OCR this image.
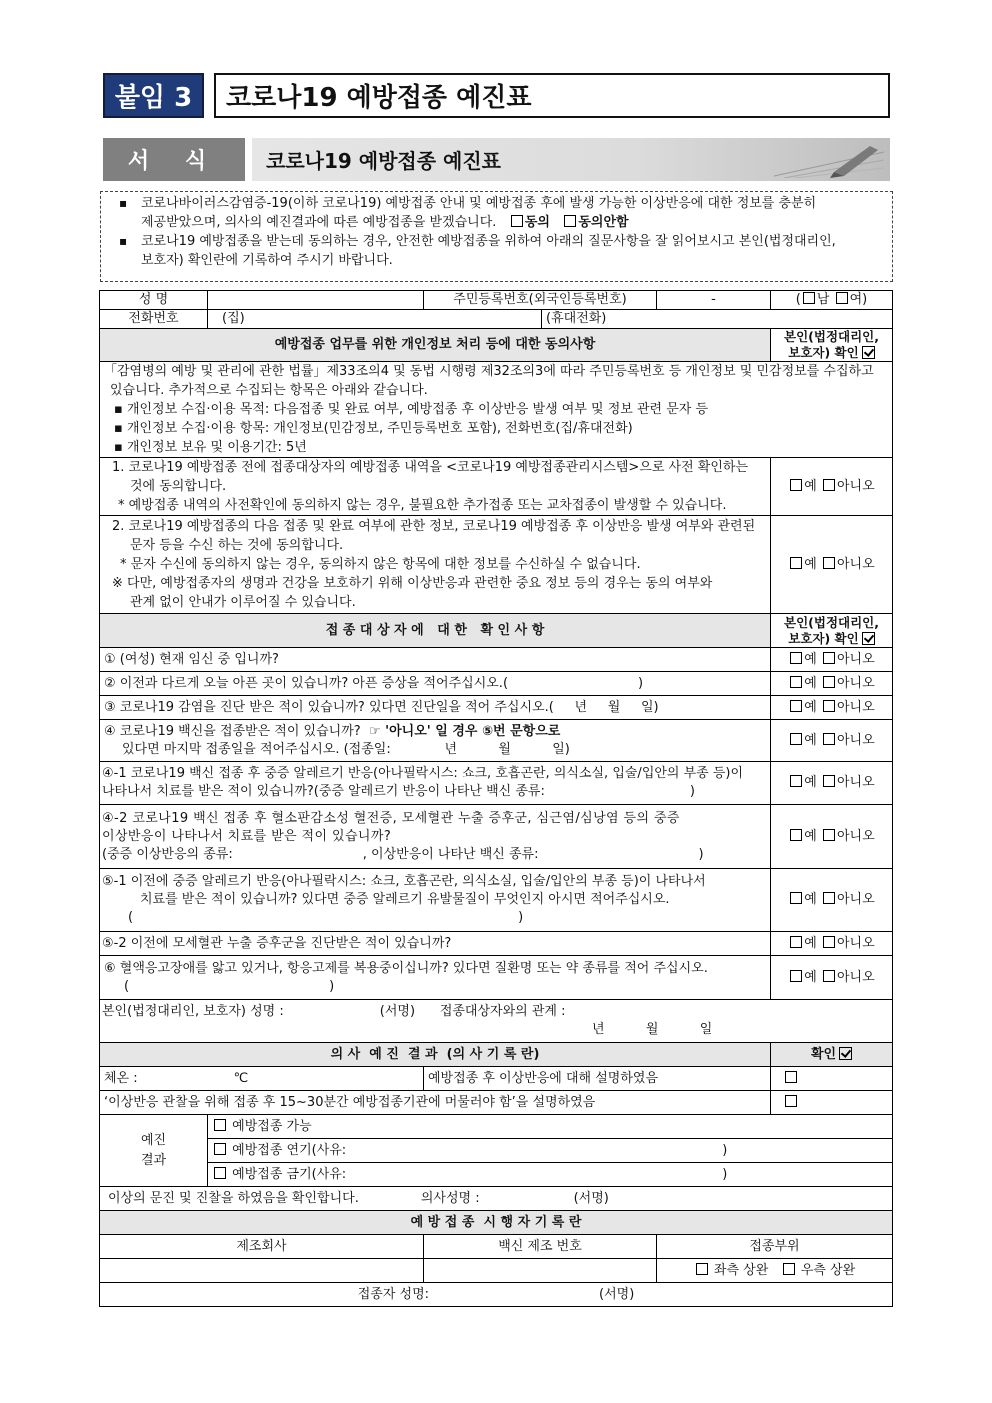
붙임 3 코로나19 예방접종 예진표
서 식 코로나19 예방접종 예진표
▪ 코로나바이러스감염증-19(이하 코로나19) 예방접종 안내 및 예방접종 후에 발생 가능한 이상반응에 대한 정보를 충분히
제공받았으며, 의사의 예진결과에 따른 예방접종을 받겠습니다. 동의 동의안함
▪ 코로나19 예방접종을 받는데 동의하는 경우, 안전한 예방접종을 위하여 아래의 질문사항을 잘 읽어보시고 본인(법정대리인,
보호자) 확인란에 기록하여 주시기 바랍니다.
성 명		주민등록번호(외국인등록번호)		-	( 남 여)
전화번호	(집)		(휴대전화)		
예방접종 업무를 위한 개인정보 처리 등에 대한 동의사항					본인(법정대리인,
보호자) 확인

「감염병의 예방 및 관리에 관한 법률」제33조의4 및 동법 시행령 제32조의3에 따라 주민등록번호 등 개인정보 및 민감정보를 수집하고
있습니다. 추가적으로 수집되는 항목은 아래와 같습니다.
▪ 개인정보 수집·이용 목적: 다음접종 및 완료 여부, 예방접종 후 이상반응 발생 여부 및 정보 관련 문자 등
▪ 개인정보 수집·이용 항목: 개인정보(민감정보, 주민등록번호 포함), 전화번호(집/휴대전화)
▪ 개인정보 보유 및 이용기간: 5년					

1. 코로나19 예방접종 전에 접종대상자의 예방접종 내역을 <코로나19 예방접종관리시스템>으로 사전 확인하는
것에 동의합니다.
* 예방접종 내역의 사전확인에 동의하지 않는 경우, 불필요한 추가접종 또는 교차접종이 발생할 수 있습니다.					예 아니오

2. 코로나19 예방접종의 다음 접종 및 완료 여부에 관한 정보, 코로나19 예방접종 후 이상반응 발생 여부와 관련된
문자 등을 수신 하는 것에 동의합니다.
* 문자 수신에 동의하지 않는 경우, 동의하지 않은 항목에 대한 정보를 수신하실 수 없습니다.
※ 다만, 예방접종자의 생명과 건강을 보호하기 위해 이상반응과 관련한 중요 정보 등의 경우는 동의 여부와
관계 없이 안내가 이루어질 수 있습니다.					예 아니오
접 종 대 상 자 에   대 한   확 인 사 항					본인(법정대리인,
보호자) 확인
① (여성) 현재 임신 중 입니까?					예 아니오
② 이전과 다르게 오늘 아픈 곳이 있습니까? 아픈 증상을 적어주십시오.( )					예 아니오
③ 코로나19 감염을 진단 받은 적이 있습니까? 있다면 진단일을 적어 주십시오.( 년 월 일)					예 아니오

④ 코로나19 백신을 접종받은 적이 있습니까? ☞ '아니오' 일 경우 ⑤번 문항으로
있다면 마지막 접종일을 적어주십시오. (접종일: 년 월 일)					예 아니오

④-1 코로나19 백신 접종 후 중증 알레르기 반응(아나필락시스: 쇼크, 호흡곤란, 의식소실, 입술/입안의 부종 등)이
나타나서 치료를 받은 적이 있습니까?(중증 알레르기 반응이 나타난 백신 종류: )					예 아니오

④-2 코로나19 백신 접종 후 혈소판감소성 혈전증, 모세혈관 누출 증후군, 심근염/심낭염 등의 중증
이상반응이 나타나서 치료를 받은 적이 있습니까?
(중증 이상반응의 종류: , 이상반응이 나타난 백신 종류: )					예 아니오

⑤-1 이전에 중증 알레르기 반응(아나필락시스: 쇼크, 호흡곤란, 의식소실, 입술/입안의 부종 등)이 나타나서
치료를 받은 적이 있습니까? 있다면 중증 알레르기 유발물질이 무엇인지 아시면 적어주십시오.
( )					예 아니오
⑤-2 이전에 모세혈관 누출 증후군을 진단받은 적이 있습니까?					예 아니오

⑥ 혈액응고장애를 앓고 있거나, 항응고제를 복용중이십니까? 있다면 질환명 또는 약 종류를 적어 주십시오.
( )					예 아니오

본인(법정대리인, 보호자) 성명 : (서명) 접종대상자와의 관계 :
년 월 일					

의 사  예 진  결 과  (의 사 기 록 란)					확인
체온 : ℃		예방접종 후 이상반응에 대해 설명하였음			
‘이상반응 관찰을 위해 접종 후 15~30분간 예방접종기관에 머물러야 함’을 설명하였음					
예진
결과	예방접종 가능				
	예방접종 연기(사유: )				
	예방접종 금기(사유: )				
이상의 문진 및 진찰을 하였음을 확인합니다. 의사성명 : (서명)					
예 방 접 종  시 행 자 기 록 란					
제조회사		백신 제조 번호		접종부위	
				좌측 상완 우측 상완	
접종자 성명: (서명)					
